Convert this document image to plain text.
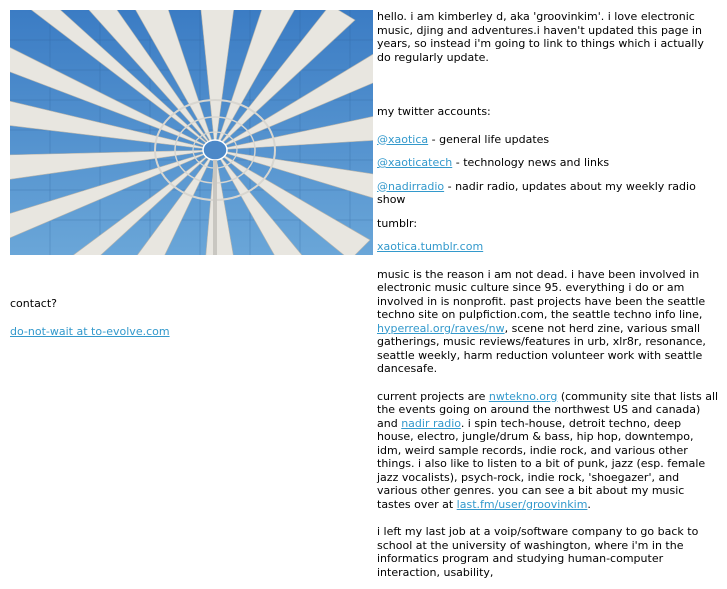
contact?

do-not-wait at to-evolve.com

hello. i am kimberley d, aka 'groovinkim'. i love electronic music, djing and adventures.i haven't updated this page in years, so instead i'm going to link to things which i actually do regularly update.

my twitter accounts:

@xaotica - general life updates

@xaoticatech - technology news and links

@nadirradio - nadir radio, updates about my weekly radio show

tumblr:

xaotica.tumblr.com

music is the reason i am not dead. i have been involved in electronic music culture since 95. everything i do or am involved in is nonprofit. past projects have been the seattle techno site on pulpfiction.com, the seattle techno info line, hyperreal.org/raves/nw, scene not herd zine, various small gatherings, music reviews/features in urb, xlr8r, resonance, seattle weekly, harm reduction volunteer work with seattle dancesafe.

current projects are nwtekno.org (community site that lists all the events going on around the northwest US and canada) and nadir radio. i spin tech-house, detroit techno, deep house, electro, jungle/drum & bass, hip hop, downtempo, idm, weird sample records, indie rock, and various other things. i also like to listen to a bit of punk, jazz (esp. female jazz vocalists), psych-rock, indie rock, 'shoegazer', and various other genres. you can see a bit about my music tastes over at last.fm/user/groovinkim.

i left my last job at a voip/software company to go back to school at the university of washington, where i'm in the informatics program and studying human-computer interaction, usability,
